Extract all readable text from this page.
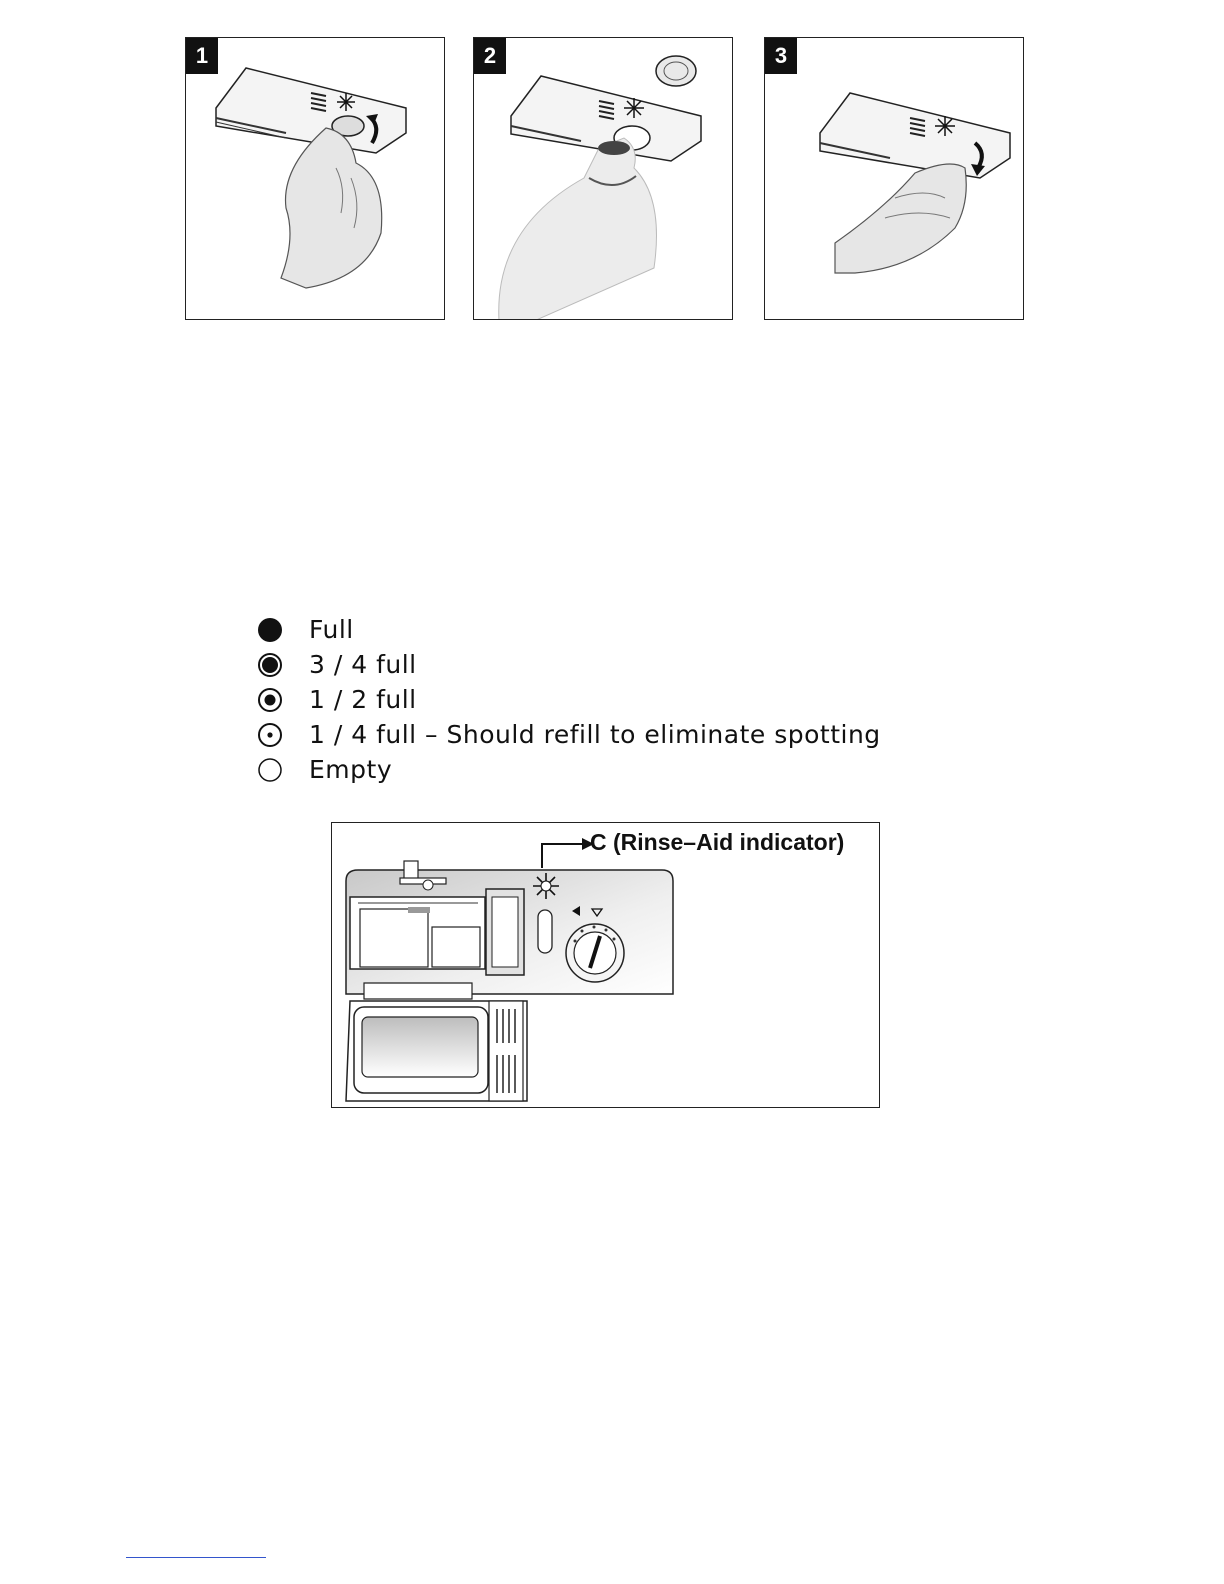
1	2	3
Full
3 / 4 full
1 / 2 full
1 / 4 full – Should refill to eliminate spotting
Empty
C (Rinse–Aid indicator)
